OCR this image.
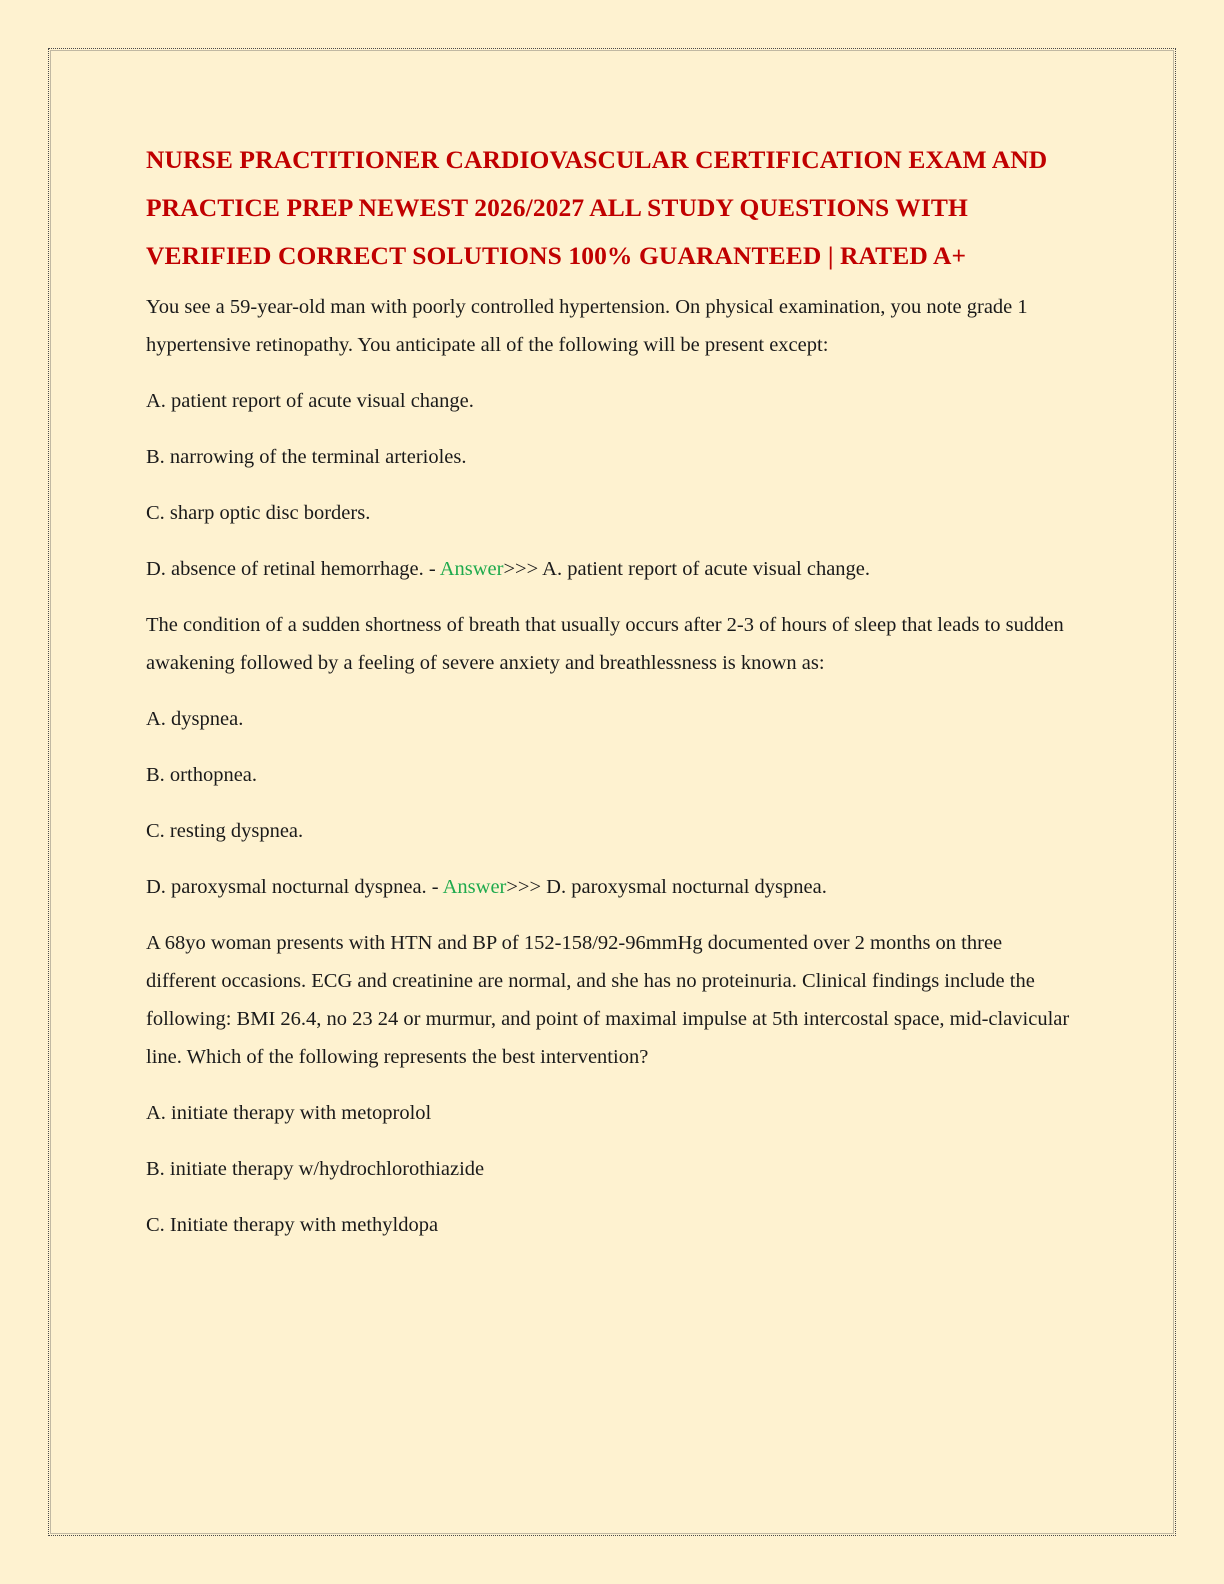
NURSE PRACTITIONER CARDIOVASCULAR CERTIFICATION EXAM AND PRACTICE PREP NEWEST 2026/2027 ALL STUDY QUESTIONS WITH VERIFIED CORRECT SOLUTIONS 100% GUARANTEED | RATED A+
You see a 59-year-old man with poorly controlled hypertension. On physical examination, you note grade 1 hypertensive retinopathy. You anticipate all of the following will be present except:
A. patient report of acute visual change.
B. narrowing of the terminal arterioles.
C. sharp optic disc borders.
D. absence of retinal hemorrhage. - Answer>>> A. patient report of acute visual change.
The condition of a sudden shortness of breath that usually occurs after 2-3 of hours of sleep that leads to sudden awakening followed by a feeling of severe anxiety and breathlessness is known as:
A. dyspnea.
B. orthopnea.
C. resting dyspnea.
D. paroxysmal nocturnal dyspnea. - Answer>>> D. paroxysmal nocturnal dyspnea.
A 68yo woman presents with HTN and BP of 152-158/92-96mmHg documented over 2 months on three different occasions. ECG and creatinine are normal, and she has no proteinuria. Clinical findings include the following: BMI 26.4, no 23 24 or murmur, and point of maximal impulse at 5th intercostal space, mid-clavicular line. Which of the following represents the best intervention?
A. initiate therapy with metoprolol
B. initiate therapy w/hydrochlorothiazide
C. Initiate therapy with methyldopa
